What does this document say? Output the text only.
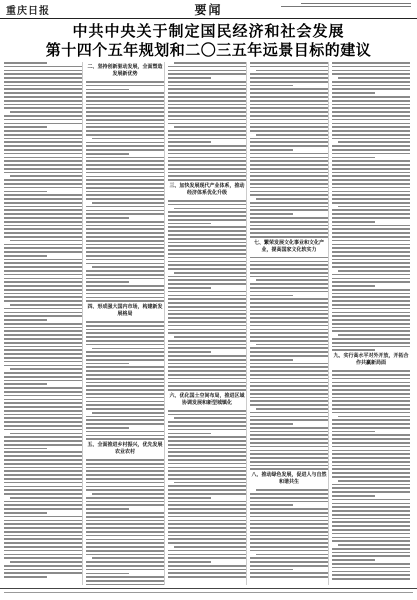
重庆日报	要闻
中共中央关于制定国民经济和社会发展
第十四个五年规划和二〇三五年远景目标的建议
二、坚持创新驱动发展，全面塑造发展新优势
四、形成强大国内市场，构建新发展格局
五、全面推进乡村振兴，优先发展农业农村
三、加快发展现代产业体系，推动经济体系优化升级
六、优化国土空间布局，推进区域协调发展和新型城镇化
七、繁荣发展文化事业和文化产业，提高国家文化软实力
八、推动绿色发展，促进人与自然和谐共生
九、实行高水平对外开放，开拓合作共赢新局面
